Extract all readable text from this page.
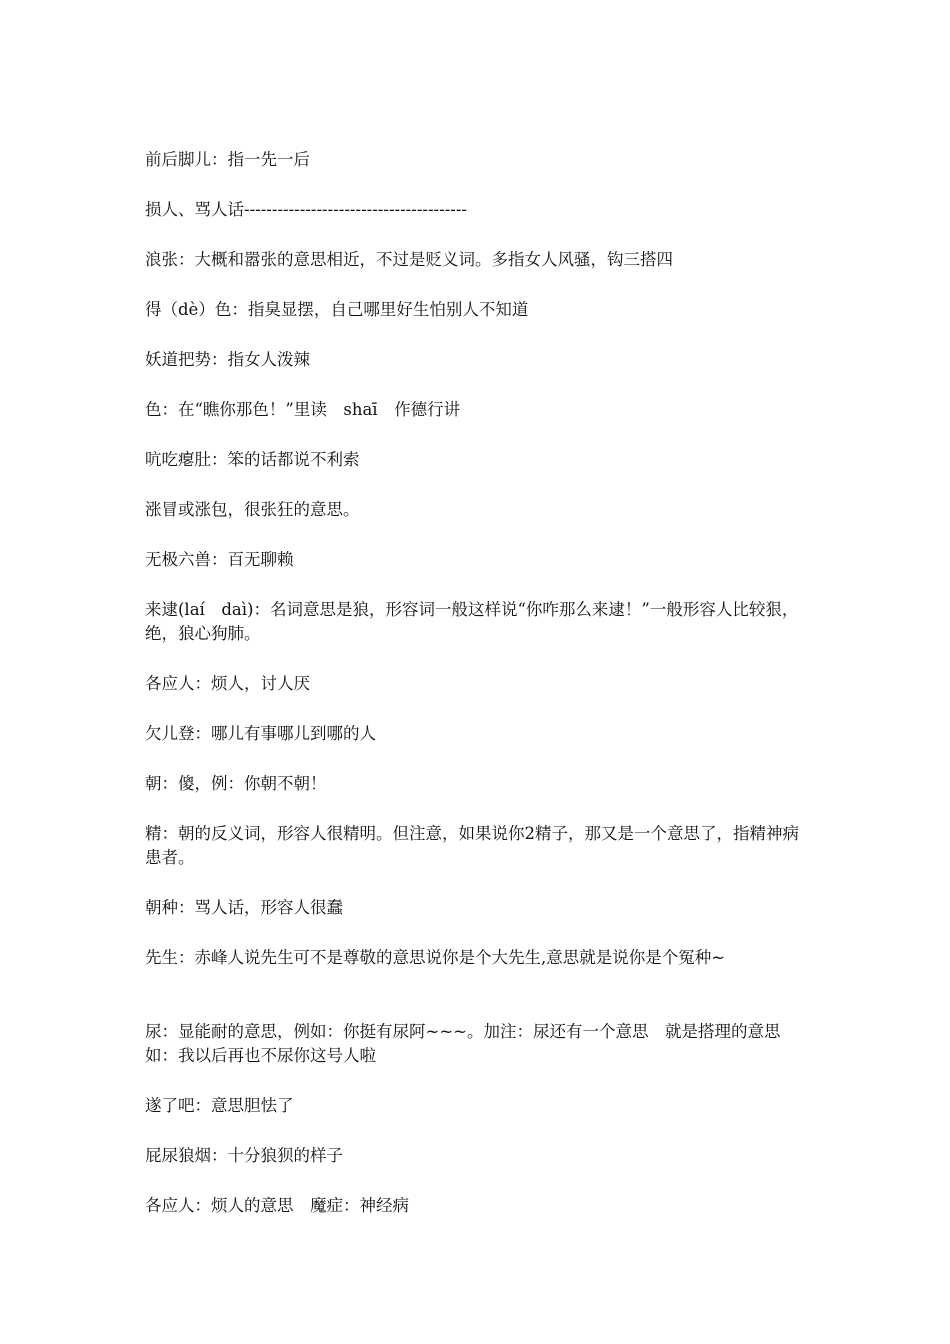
前后脚儿：指一先一后

损人、骂人话----------------------------------------

浪张：大概和嚣张的意思相近，不过是贬义词。多指女人风骚，钩三搭四

得（dè）色：指臭显摆，自己哪里好生怕别人不知道

妖道把势：指女人泼辣

色：在“瞧你那色！”里读　shaī　作德行讲

吭吃瘪肚：笨的话都说不利索

涨冒或涨包，很张狂的意思。

无极六兽：百无聊赖

来逮(laí　daì)：名词意思是狼，形容词一般这样说“你咋那么来逮！”一般形容人比较狠，绝，狼心狗肺。

各应人：烦人，讨人厌

欠儿登：哪儿有事哪儿到哪的人

朝：傻，例：你朝不朝！

精：朝的反义词，形容人很精明。但注意，如果说你2精子，那又是一个意思了，指精神病患者。

朝种：骂人话，形容人很蠢

先生：赤峰人说先生可不是尊敬的意思说你是个大先生,意思就是说你是个冤种~

尿：显能耐的意思，例如：你挺有尿阿~~~。加注：尿还有一个意思　就是搭理的意思　如：我以后再也不尿你这号人啦

遂了吧：意思胆怯了

屁尿狼烟：十分狼狈的样子

各应人：烦人的意思　魔症：神经病
